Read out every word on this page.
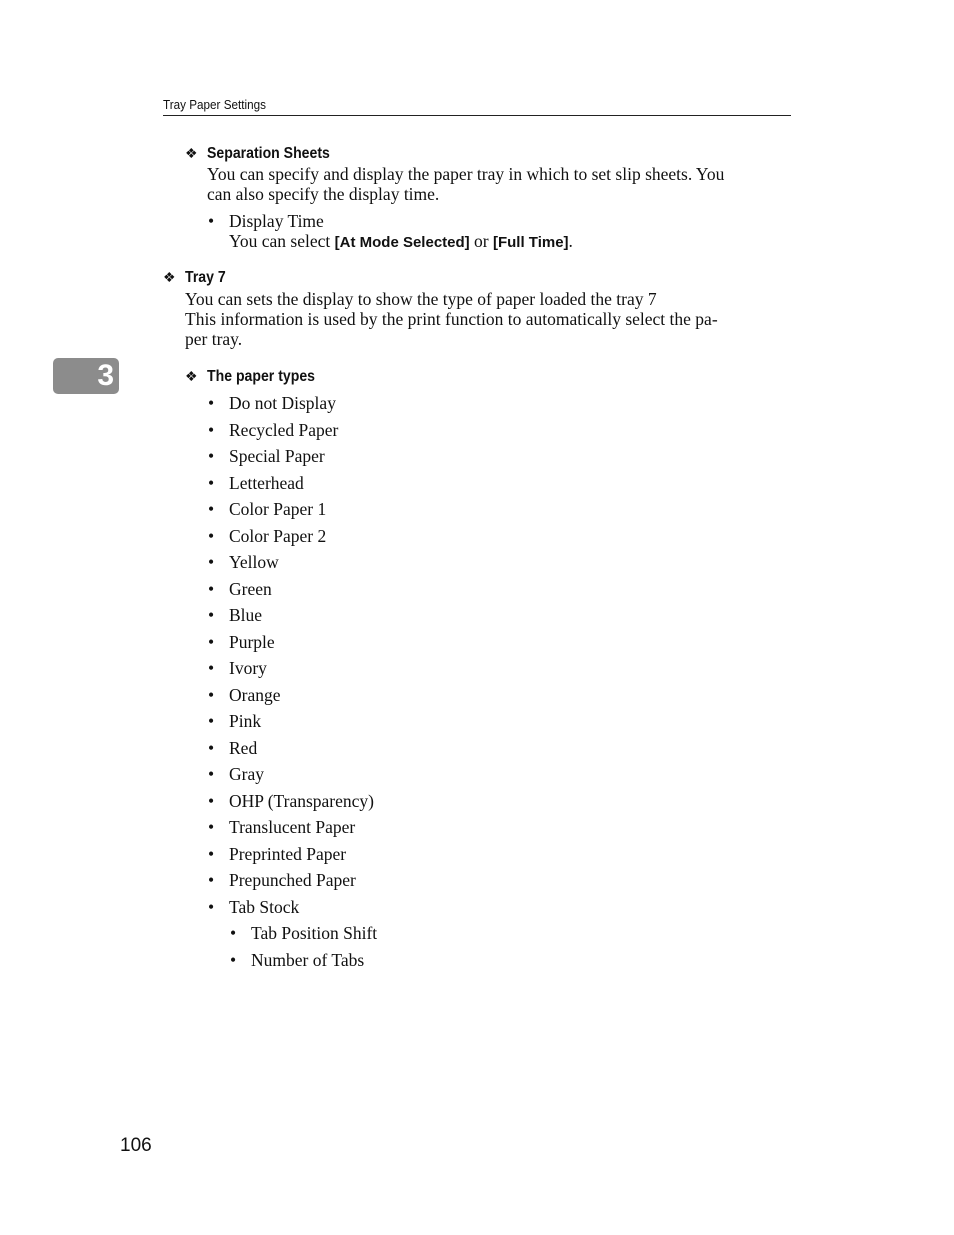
Tray Paper Settings
❖ Separation Sheets
You can specify and display the paper tray in which to set slip sheets. You
can also specify the display time.
• Display Time
You can select [At Mode Selected] or [Full Time].
❖ Tray 7
You can sets the display to show the type of paper loaded the tray 7
This information is used by the print function to automatically select the pa-
per tray.
3	❖ The paper types
• Do not Display
• Recycled Paper
• Special Paper
• Letterhead
• Color Paper 1
• Color Paper 2
• Yellow
• Green
• Blue
• Purple
• Ivory
• Orange
• Pink
• Red
• Gray
• OHP (Transparency)
• Translucent Paper
• Preprinted Paper
• Prepunched Paper
• Tab Stock
• Tab Position Shift
• Number of Tabs
106
